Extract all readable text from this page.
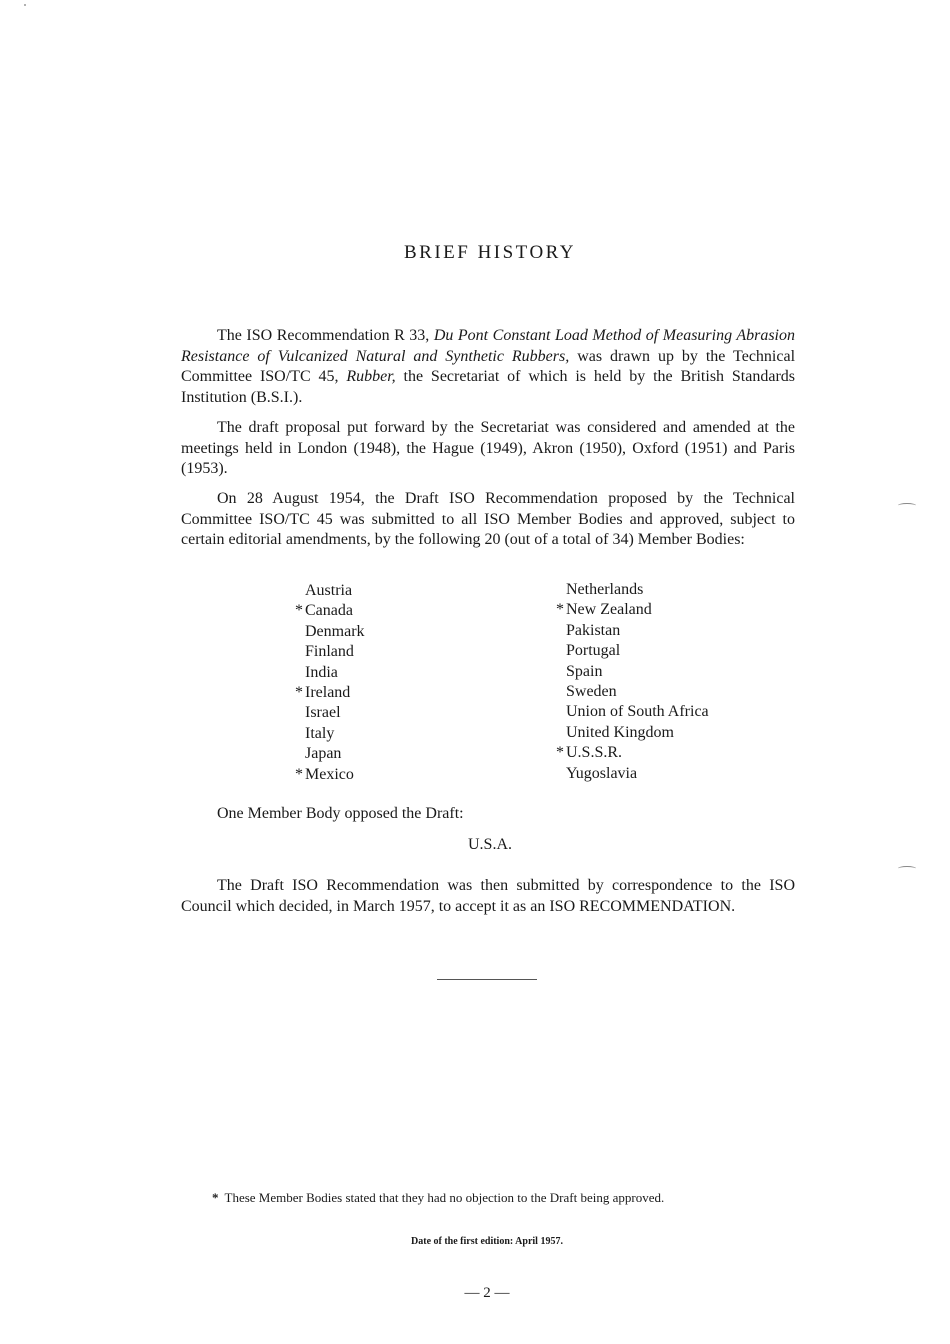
BRIEF HISTORY

The ISO Recommendation R 33, Du Pont Constant Load Method of Measuring Abrasion Resistance of Vulcanized Natural and Synthetic Rubbers, was drawn up by the Technical Committee ISO/TC 45, Rubber, the Secretariat of which is held by the British Standards Institution (B.S.I.).

The draft proposal put forward by the Secretariat was considered and amended at the meetings held in London (1948), the Hague (1949), Akron (1950), Oxford (1951) and Paris (1953).

On 28 August 1954, the Draft ISO Recommendation proposed by the Technical Committee ISO/TC 45 was submitted to all ISO Member Bodies and approved, subject to certain editorial amendments, by the following 20 (out of a total of 34) Member Bodies:

Austria
* Canada
Denmark
Finland
India
* Ireland
Israel
Italy
Japan
* Mexico
Netherlands
* New Zealand
Pakistan
Portugal
Spain
Sweden
Union of South Africa
United Kingdom
* U.S.S.R.
Yugoslavia

One Member Body opposed the Draft:

U.S.A.

The Draft ISO Recommendation was then submitted by correspondence to the ISO Council which decided, in March 1957, to accept it as an ISO RECOMMENDATION.

* These Member Bodies stated that they had no objection to the Draft being approved.

Date of the first edition: April 1957.

— 2 —
